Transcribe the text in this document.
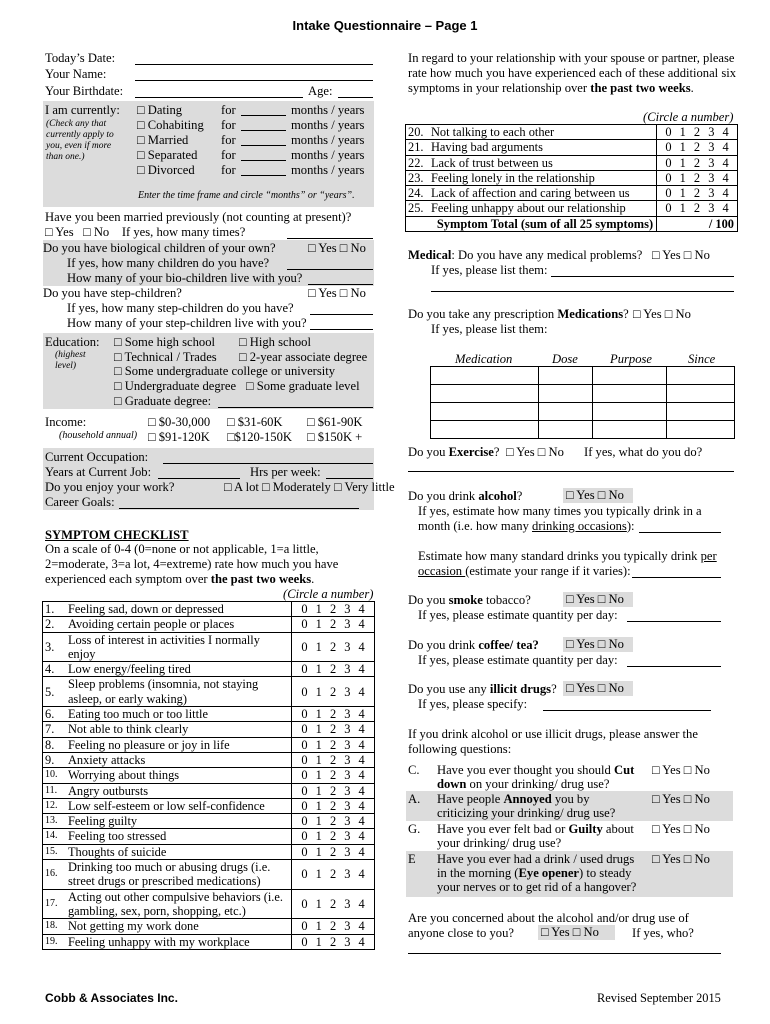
Intake Questionnaire – Page 1
Today’s Date:
Your Name:
Your Birthdate:	Age:
I am currently:
(Check any that currently apply to you, even if more than one.)
□ Dating	for	months / years
□ Cohabiting for	months / years
□ Married	for	months / years
□ Separated for	months / years
□ Divorced for	months / years
Enter the time frame and circle “months” or “years”.
Have you been married previously (not counting at present)?
□ Yes □ No If yes, how many times?
Do you have biological children of your own?	□ Yes □ No
If yes, how many children do you have?
How many of your bio-children live with you?
Do you have step-children?	□ Yes □ No
If yes, how many step-children do you have?
How many of your step-children live with you?
Education:
(highest level)
□ Some high school □ High school
□ Technical / Trades □ 2-year associate degree
□ Some undergraduate college or university
□ Undergraduate degree □ Some graduate level
□ Graduate degree:
Income:
(household annual)
□ $0-30,000 □ $31-60K □ $61-90K
□ $91-120K □$120-150K □ $150K +
Current Occupation:
Years at Current Job:	Hrs per week:
Do you enjoy your work?	□ A lot □ Moderately □ Very little
Career Goals:
SYMPTOM CHECKLIST
On a scale of 0-4 (0=none or not applicable, 1=a little,
2=moderate, 3=a lot, 4=extreme) rate how much you have
experienced each symptom over the past two weeks.
(Circle a number)
1.	Feeling sad, down or depressed	0 1 2 3 4
2.	Avoiding certain people or places	0 1 2 3 4
3.	Loss of interest in activities I normally enjoy	0 1 2 3 4
4.	Low energy/feeling tired	0 1 2 3 4
5.	Sleep problems (insomnia, not staying asleep, or early waking)	0 1 2 3 4
6.	Eating too much or too little	0 1 2 3 4
7.	Not able to think clearly	0 1 2 3 4
8.	Feeling no pleasure or joy in life	0 1 2 3 4
9.	Anxiety attacks	0 1 2 3 4
10.	Worrying about things	0 1 2 3 4
11.	Angry outbursts	0 1 2 3 4
12.	Low self-esteem or low self-confidence	0 1 2 3 4
13.	Feeling guilty	0 1 2 3 4
14.	Feeling too stressed	0 1 2 3 4
15.	Thoughts of suicide	0 1 2 3 4
16.	Drinking too much or abusing drugs (i.e. street drugs or prescribed medications)	0 1 2 3 4
17.	Acting out other compulsive behaviors (i.e. gambling, sex, porn, shopping, etc.)	0 1 2 3 4
18.	Not getting my work done	0 1 2 3 4
19.	Feeling unhappy with my workplace	0 1 2 3 4
In regard to your relationship with your spouse or partner, please
rate how much you have experienced each of these additional six
symptoms in your relationship over the past two weeks.
(Circle a number)
20.	Not talking to each other	0 1 2 3 4
21.	Having bad arguments	0 1 2 3 4
22.	Lack of trust between us	0 1 2 3 4
23.	Feeling lonely in the relationship	0 1 2 3 4
24.	Lack of affection and caring between us	0 1 2 3 4
25.	Feeling unhappy about our relationship	0 1 2 3 4
Symptom Total (sum of all 25 symptoms)		/ 100
Medical: Do you have any medical problems? □ Yes □ No
If yes, please list them:
Do you take any prescription Medications? □ Yes □ No
If yes, please list them:
Medication	Dose	Purpose	Since

Do you Exercise? □ Yes □ No If yes, what do you do?
Do you drink alcohol?	□ Yes □ No
If yes, estimate how many times you typically drink in a
month (i.e. how many drinking occasions):
Estimate how many standard drinks you typically drink per
occasion (estimate your range if it varies):
Do you smoke tobacco?	□ Yes □ No
If yes, please estimate quantity per day:
Do you drink coffee/ tea? □ Yes □ No
If yes, please estimate quantity per day:
Do you use any illicit drugs? □ Yes □ No
If yes, please specify:
If you drink alcohol or use illicit drugs, please answer the
following questions:
C. Have you ever thought you should Cut
down on your drinking/ drug use?
□ Yes □ No
A. Have people Annoyed you by
criticizing your drinking/ drug use?
□ Yes □ No
G. Have you ever felt bad or Guilty about
your drinking/ drug use?
□ Yes □ No
E Have you ever had a drink / used drugs
in the morning (Eye opener) to steady
your nerves or to get rid of a hangover?
□ Yes □ No
Are you concerned about the alcohol and/or drug use of
anyone close to you? □ Yes □ No	If yes, who?
Cobb & Associates Inc.	Revised September 2015
